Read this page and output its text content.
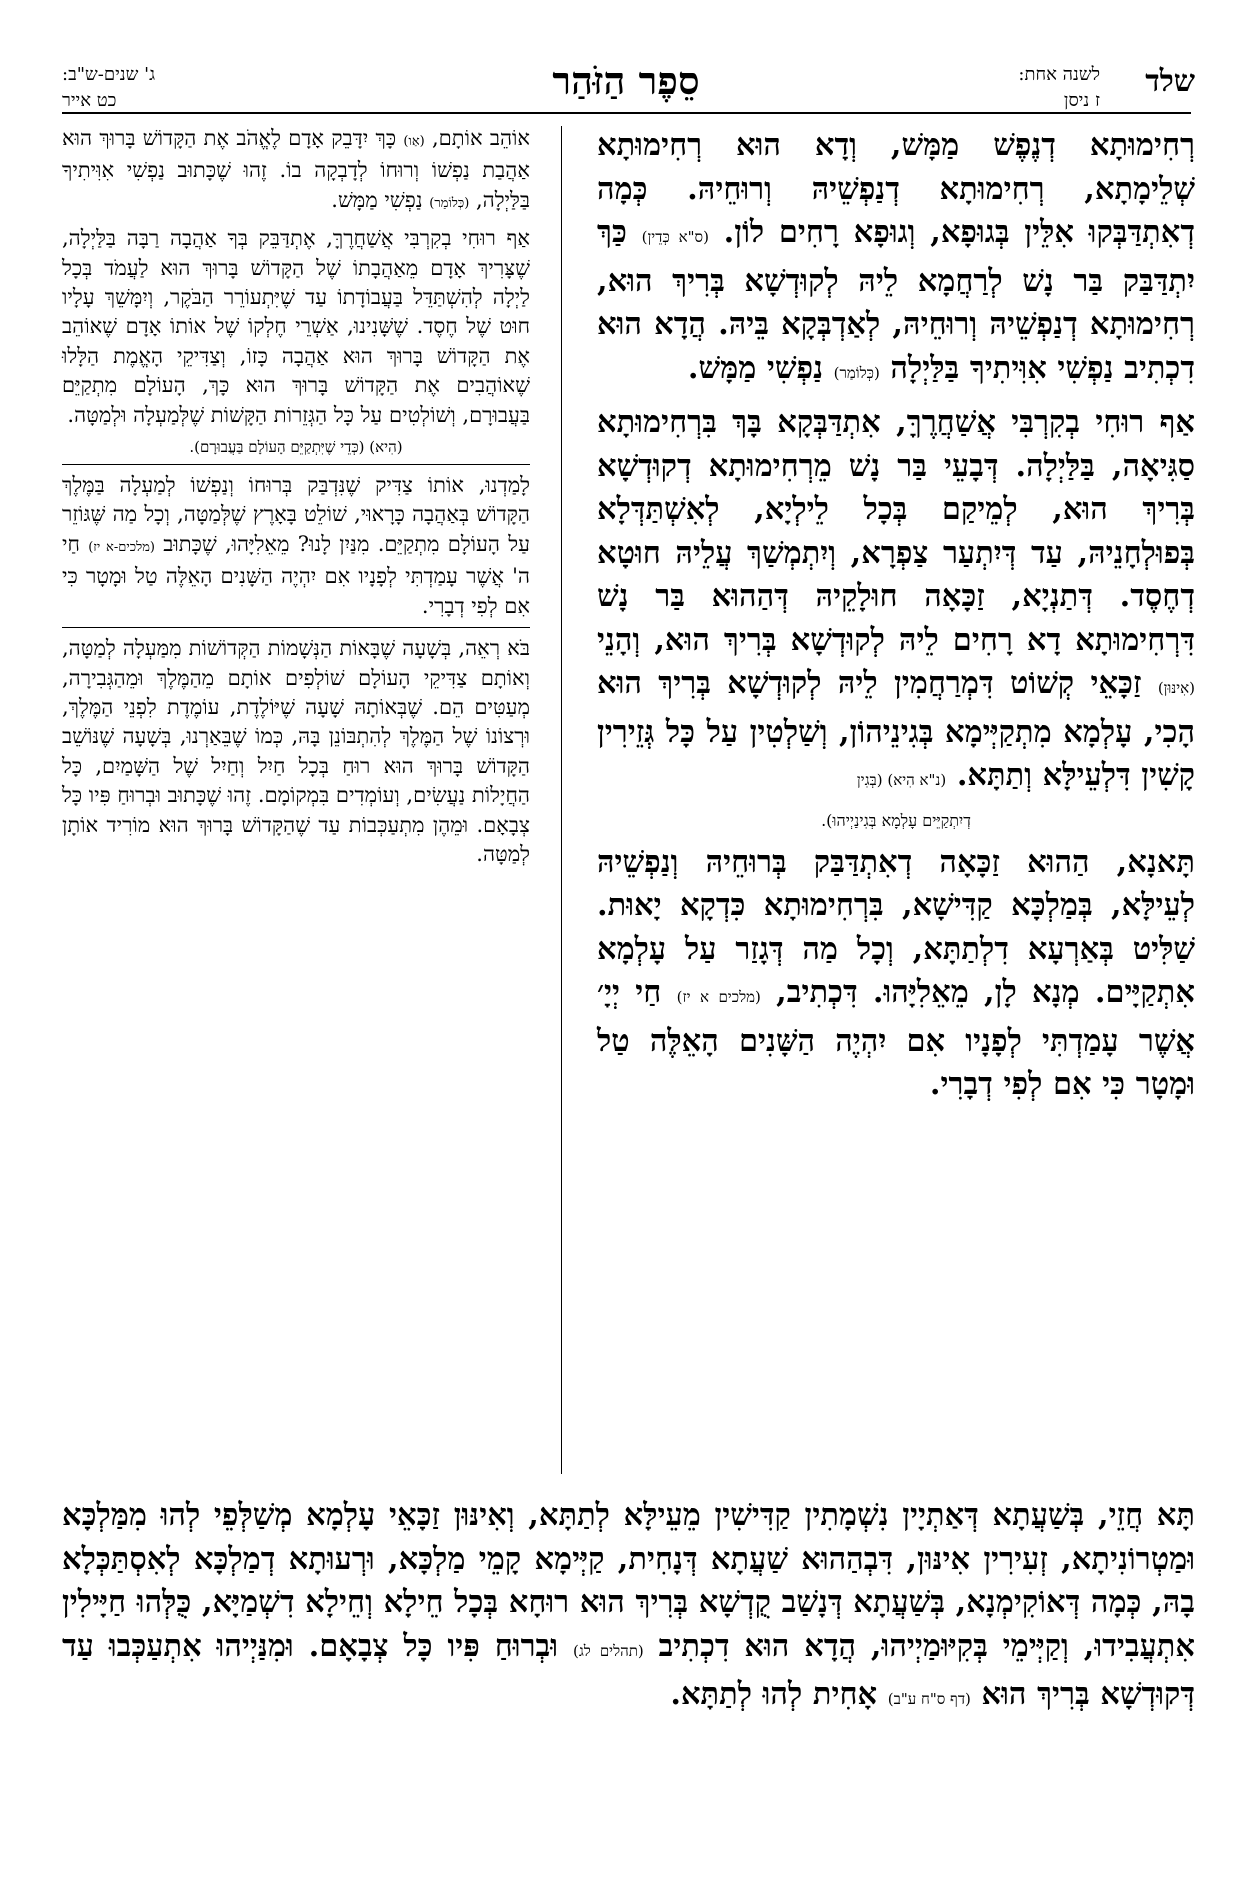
שלד
לשנה אחת:
ז ניסן
סֵפֶר הַזֹּהַר
ג' שנים-ש"ב:
כט אייר

רְחִימוּתָא דְנֶפֶשׁ מַמָּשׁ, וְדָא הוּא רְחִימוּתָא שְׁלֵימָתָא, רְחִימוּתָא דְנַפְשֵׁיהּ וְרוּחֵיהּ. כְּמָה דְאִתְדַּבְּקוּ אִלֵּין בְּגוּפָא, וְגוּפָא רָחִים לוֹן. (ס"א כְּדֵין) כַּךְ יִתְדַּבַּק בַּר נָשׁ לְרַחֲמָא לֵיהּ לְקוּדְשָׁא בְּרִיךְ הוּא, רְחִימוּתָא דְנַפְשֵׁיהּ וְרוּחֵיהּ, לְאַדְבְּקָא בֵּיהּ. הֲדָא הוּא דִכְתִיב נַפְשִׁי אִוִּיתִיךָ בַּלַּיְלָה (כְּלוֹמַר) נַפְשִׁי מַמָּשׁ.

אַף רוּחִי בְקִרְבִּי אֲשַׁחֲרֶךָּ, אִתְדַּבְּקָא בָּךְ בִּרְחִימוּתָא סַגִּיאָה, בַּלַּיְלָה. דְּבָעֵי בַּר נָשׁ מֵרְחִימוּתָא דְקוּדְשָׁא בְּרִיךְ הוּא, לְמֵיקַם בְּכָל לֵילְיָא, לְאִשְׁתַּדְּלָא בְּפוּלְחָנֵיהּ, עַד דְּיִתְעַר צַפְרָא, וְיִתְמְשַׁךְ עֲלֵיהּ חוּטָא דְחֶסֶד. דְּתַנְיָא, זַכָּאָה חוּלָקֵיהּ דְּהַהוּא בַּר נָשׁ דִּרְחִימוּתָא דָא רָחִים לֵיהּ לְקוּדְשָׁא בְּרִיךְ הוּא, וְהָנֵי (אִינּוּן) זַכָּאֵי קְשׁוֹט דִּמְרַחֲמִין לֵיהּ לְקוּדְשָׁא בְּרִיךְ הוּא הָכִי, עָלְמָא מִתְקַיְּימָא בְּגִינֵיהוֹן, וְשַׁלְטִין עַל כָּל גְּזֵירִין קָשִׁין דִּלְעֵילָּא וְתַתָּא. (נ"א הִיא) (בְּגִין

דְיִתְקַיֵּים עָלְמָא בְּגִינַיְיהוּ).

תָּאנָא, הַהוּא זַכָּאָה דְאִתְדַּבַּק בְּרוּחֵיהּ וְנַפְשֵׁיהּ לְעֵילָּא, בְּמַלְכָּא קַדִּישָׁא, בִּרְחִימוּתָא כִּדְקָא יָאוּת. שַׁלִּיט בְּאַרְעָא דִלְתַתָּא, וְכָל מַה דְּגָזַר עַל עָלְמָא אִתְקַיָּים. מְנָא לָן, מֵאֵלִיָּהוּ. דִּכְתִיב, (מלכים א יז) חַי יְיָ׳ אֲשֶׁר עָמַדְתִּי לְפָנָיו אִם יִהְיֶה הַשָּׁנִים הָאֵלֶּה טַל וּמָטָר כִּי אִם לְפִי דְבָרִי.

אוֹהֵב אוֹתָם, (אַו) כָּךְ יִדָּבֵק אָדָם לֶאֱהֹב אֶת הַקָּדוֹשׁ בָּרוּךְ הוּא אַהֲבַת נַפְשׁוֹ וְרוּחוֹ לְדָבְקָה בוֹ. זֶהוּ שֶׁכָּתוּב נַפְשִׁי אִוִּיתִיךָ בַּלַּיְלָה, (כְּלוֹמַר) נַפְשִׁי מַמָּשׁ.

אַף רוּחִי בְקִרְבִּי אֲשַׁחֲרֶךָּ, אֶתְדַּבֵּק בְּךָ אַהֲבָה רַבָּה בַּלַּיְלָה, שֶׁצָּרִיךְ אָדָם מֵאַהֲבָתוֹ שֶׁל הַקָּדוֹשׁ בָּרוּךְ הוּא לַעֲמֹד בְּכָל לַיְלָה לְהִשְׁתַּדֵּל בַּעֲבוֹדָתוֹ עַד שֶׁיִּתְעוֹרֵר הַבֹּקֶר, וְיִמָּשֵׁךְ עָלָיו חוּט שֶׁל חֶסֶד. שֶׁשָּׁנִינוּ, אַשְׁרֵי חֶלְקוֹ שֶׁל אוֹתוֹ אָדָם שֶׁאוֹהֵב אֶת הַקָּדוֹשׁ בָּרוּךְ הוּא אַהֲבָה כָּזוֹ, וְצַדִּיקֵי הָאֱמֶת הַלָּלוּ שֶׁאוֹהֲבִים אֶת הַקָּדוֹשׁ בָּרוּךְ הוּא כָּךְ, הָעוֹלָם מִתְקַיֵּם בַּעֲבוּרָם, וְשׁוֹלְטִים עַל כָּל הַגְּזֵרוֹת הַקָּשׁוֹת שֶׁלְּמַעְלָה וּלְמַטָּה.

(הִיא) (כְּדֵי שֶׁיִּתְקַיֵּם הָעוֹלָם בַּעֲבוּרָם).

לָמַדְנוּ, אוֹתוֹ צַדִּיק שֶׁנִּדְבַּק בְּרוּחוֹ וְנַפְשׁוֹ לְמַעְלָה בַּמֶּלֶךְ הַקָּדוֹשׁ בְּאַהֲבָה כָּרָאוּי, שׁוֹלֵט בָּאָרֶץ שֶׁלְּמַטָּה, וְכָל מַה שֶּׁגּוֹזֵר עַל הָעוֹלָם מִתְקַיֵּם. מִנַּיִן לָנוּ? מֵאֵלִיָּהוּ, שֶׁכָּתוּב (מלכים-א יז) חַי ה' אֲשֶׁר עָמַדְתִּי לְפָנָיו אִם יִהְיֶה הַשָּׁנִים הָאֵלֶּה טַל וּמָטָר כִּי אִם לְפִי דְבָרִי.

בֹּא רְאֵה, בְּשָׁעָה שֶׁבָּאוֹת הַנְּשָׁמוֹת הַקְּדוֹשׁוֹת מִמַּעְלָה לְמַטָּה, וְאוֹתָם צַדִּיקֵי הָעוֹלָם שׁוֹלְפִים אוֹתָם מֵהַמֶּלֶךְ וּמֵהַגְּבִירָה, מְעַטִּים הֵם. שֶׁבְּאוֹתָהּ שָׁעָה שֶׁיּוֹלֶדֶת, עוֹמֶדֶת לִפְנֵי הַמֶּלֶךְ, וּרְצוֹנוֹ שֶׁל הַמֶּלֶךְ לְהִתְבּוֹנֵן בָּהּ, כְּמוֹ שֶׁבֵּאַרְנוּ, בְּשָׁעָה שֶׁנּוֹשֵׁב הַקָּדוֹשׁ בָּרוּךְ הוּא רוּחַ בְּכָל חַיִל וְחַיִל שֶׁל הַשָּׁמַיִם, כָּל הַחֲיָלוֹת נַעֲשִׂים, וְעוֹמְדִים בִּמְקוֹמָם. זֶהוּ שֶׁכָּתוּב וּבְרוּחַ פִּיו כָּל צְבָאָם. וּמֵהֶן מִתְעַכְּבוֹת עַד שֶׁהַקָּדוֹשׁ בָּרוּךְ הוּא מוֹרִיד אוֹתָן לְמַטָּה.

תָּא חֲזֵי, בְּשַׁעֲתָא דְּאַתְיָין נִשְׁמָתִין קַדִּישִׁין מֵעֵילָּא לְתַתָּא, וְאִינּוּן זַכָּאֵי עָלְמָא מְשַׁלְּפֵי לְהוּ מִמַּלְכָּא וּמַטְרוֹנִיתָא, זְעִירִין אִינּוּן, דִּבְהַהוּא שַׁעֲתָא דְּנָחִית, קַיְּימָא קָמֵי מַלְכָּא, וּרְעוּתָא דְמַלְכָּא לְאִסְתַּכְּלָא בָהּ, כְּמָה דְּאוֹקִימְנָא, בְּשַׁעֲתָא דְּנָשַׁב קֻדְשָׁא בְּרִיךְ הוּא רוּחָא בְּכָל חֵילָא וְחֵילָא דִשְׁמַיָּא, כֻּלְּהוּ חַיָּילִין אִתְעֲבִידוּ, וְקַיְּימֵי בְּקִיּוּמַיְיהוּ, הֲדָא הוּא דִכְתִיב (תהלים לג) וּבְרוּחַ פִּיו כָּל צְבָאָם. וּמִנַּיְיהוּ אִתְעַכְּבוּ עַד דְּקוּדְשָׁא בְּרִיךְ הוּא (דף ס"ח ע"ב) אָחִית לְהוּ לְתַתָּא.
